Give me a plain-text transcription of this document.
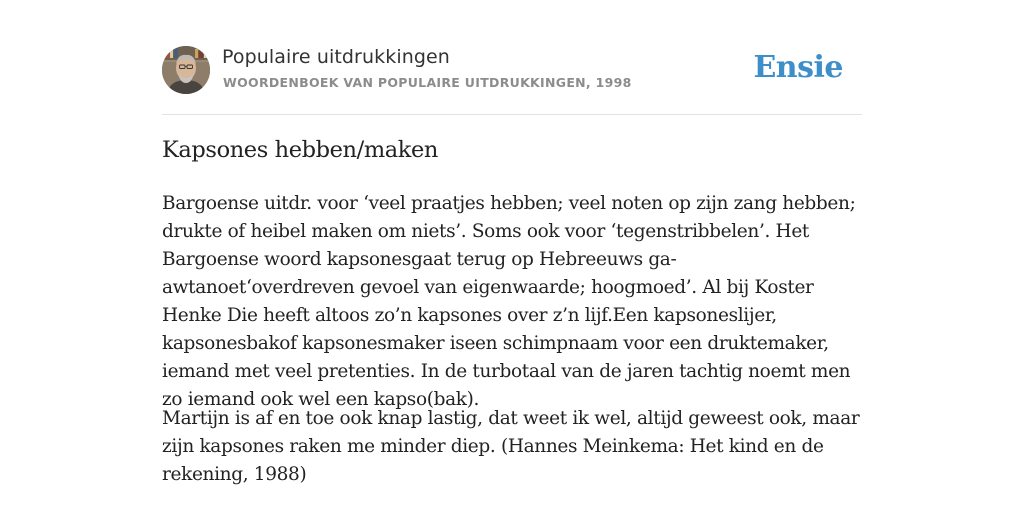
Populaire uitdrukkingen
WOORDENBOEK VAN POPULAIRE UITDRUKKINGEN, 1998	Ensie
Kapsones hebben/maken

Bargoense uitdr. voor ‘veel praatjes hebben; veel noten op zijn zang hebben; drukte of heibel maken om niets’. Soms ook voor ‘tegenstribbelen’. Het Bargoense woord kapsonesgaat terug op Hebreeuws ga-awtanoet‘overdreven gevoel van eigenwaarde; hoogmoed’. Al bij Koster Henke Die heeft altoos zo’n kapsones over z’n lijf.Een kapsoneslijer, kapsonesbakof kapsonesmaker iseen schimpnaam voor een druktemaker, iemand met veel pretenties. In de turbotaal van de jaren tachtig noemt men zo iemand ook wel een kapso(bak).

Martijn is af en toe ook knap lastig, dat weet ik wel, altijd geweest ook, maar zijn kapsones raken me minder diep. (Hannes Meinkema: Het kind en de rekening, 1988)
